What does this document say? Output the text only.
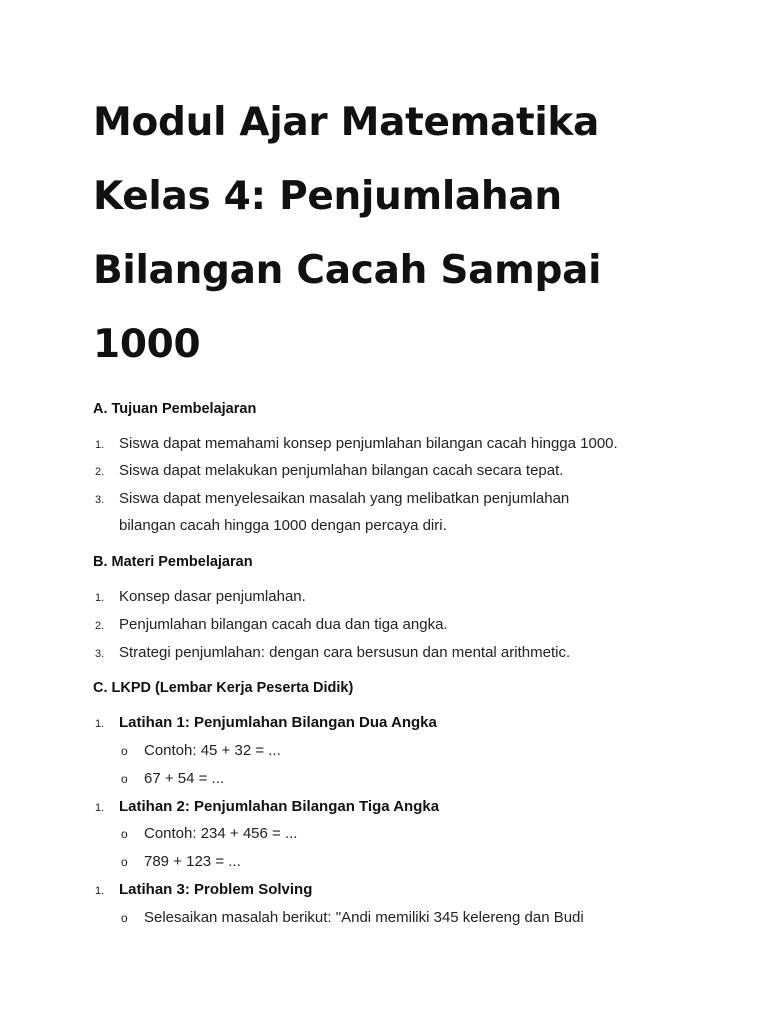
Modul Ajar Matematika
Kelas 4: Penjumlahan
Bilangan Cacah Sampai
1000
A. Tujuan Pembelajaran
1. Siswa dapat memahami konsep penjumlahan bilangan cacah hingga 1000.
2. Siswa dapat melakukan penjumlahan bilangan cacah secara tepat.
3. Siswa dapat menyelesaikan masalah yang melibatkan penjumlahan
bilangan cacah hingga 1000 dengan percaya diri.
B. Materi Pembelajaran
1. Konsep dasar penjumlahan.
2. Penjumlahan bilangan cacah dua dan tiga angka.
3. Strategi penjumlahan: dengan cara bersusun dan mental arithmetic.
C. LKPD (Lembar Kerja Peserta Didik)
1. Latihan 1: Penjumlahan Bilangan Dua Angka
o Contoh: 45 + 32 = ...
o 67 + 54 = ...
1. Latihan 2: Penjumlahan Bilangan Tiga Angka
o Contoh: 234 + 456 = ...
o 789 + 123 = ...
1. Latihan 3: Problem Solving
o Selesaikan masalah berikut: "Andi memiliki 345 kelereng dan Budi
